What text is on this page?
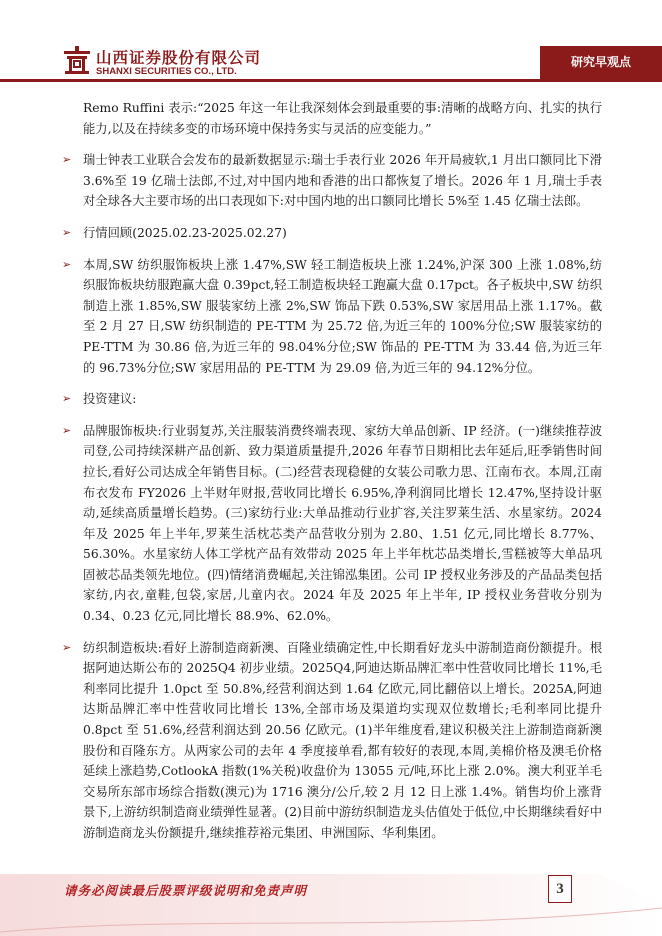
山西证券股份有限公司
SHANXI SECURITIES CO., LTD.
研究早观点
Remo Ruffini 表示:“2025 年这一年让我深刻体会到最重要的事:清晰的战略方向、扎实的执行能力,以及在持续多变的市场环境中保持务实与灵活的应变能力。”
➢ 瑞士钟表工业联合会发布的最新数据显示:瑞士手表行业 2026 年开局疲软,1 月出口额同比下滑 3.6%至 19 亿瑞士法郎,不过,对中国内地和香港的出口都恢复了增长。2026 年 1 月,瑞士手表对全球各大主要市场的出口表现如下:对中国内地的出口额同比增长 5%至 1.45 亿瑞士法郎。
➢ 行情回顾(2025.02.23-2025.02.27)
➢ 本周,SW 纺织服饰板块上涨 1.47%,SW 轻工制造板块上涨 1.24%,沪深 300 上涨 1.08%,纺织服饰板块纺服跑赢大盘 0.39pct,轻工制造板块轻工跑赢大盘 0.17pct。各子板块中,SW 纺织制造上涨 1.85%,SW 服装家纺上涨 2%,SW 饰品下跌 0.53%,SW 家居用品上涨 1.17%。截至 2 月 27 日,SW 纺织制造的 PE-TTM 为 25.72 倍,为近三年的 100%分位;SW 服装家纺的 PE-TTM 为 30.86 倍,为近三年的 98.04%分位;SW 饰品的 PE-TTM 为 33.44 倍,为近三年的 96.73%分位;SW 家居用品的 PE-TTM 为 29.09 倍,为近三年的 94.12%分位。
➢ 投资建议:
➢ 品牌服饰板块:行业弱复苏,关注服装消费终端表现、家纺大单品创新、IP 经济。(一)继续推荐波司登,公司持续深耕产品创新、致力渠道质量提升,2026 年春节日期相比去年延后,旺季销售时间拉长,看好公司达成全年销售目标。(二)经营表现稳健的女装公司歌力思、江南布衣。本周,江南布衣发布 FY2026 上半财年财报,营收同比增长 6.95%,净利润同比增长 12.47%,坚持设计驱动,延续高质量增长趋势。(三)家纺行业:大单品推动行业扩容,关注罗莱生活、水星家纺。2024 年及 2025 年上半年,罗莱生活枕芯类产品营收分别为 2.80、1.51 亿元,同比增长 8.77%、56.30%。水星家纺人体工学枕产品有效带动 2025 年上半年枕芯品类增长,雪糕被等大单品巩固被芯品类领先地位。(四)情绪消费崛起,关注锦泓集团。公司 IP 授权业务涉及的产品品类包括家纺,内衣,童鞋,包袋,家居,儿童内衣。2024 年及 2025 年上半年, IP 授权业务营收分别为 0.34、0.23 亿元,同比增长 88.9%、62.0%。
➢ 纺织制造板块:看好上游制造商新澳、百隆业绩确定性,中长期看好龙头中游制造商份额提升。根据阿迪达斯公布的 2025Q4 初步业绩。2025Q4,阿迪达斯品牌汇率中性营收同比增长 11%,毛利率同比提升 1.0pct 至 50.8%,经营利润达到 1.64 亿欧元,同比翻倍以上增长。2025A,阿迪达斯品牌汇率中性营收同比增长 13%,全部市场及渠道均实现双位数增长;毛利率同比提升 0.8pct 至 51.6%,经营利润达到 20.56 亿欧元。(1)半年维度看,建议积极关注上游制造商新澳股份和百隆东方。从两家公司的去年 4 季度接单看,都有较好的表现,本周,美棉价格及澳毛价格延续上涨趋势,CotlookA 指数(1%关税)收盘价为 13055 元/吨,环比上涨 2.0%。澳大利亚羊毛交易所东部市场综合指数(澳元)为 1716 澳分/公斤,较 2 月 12 日上涨 1.4%。销售均价上涨背景下,上游纺织制造商业绩弹性显著。(2)目前中游纺织制造龙头估值处于低位,中长期继续看好中游制造商龙头份额提升,继续推荐裕元集团、申洲国际、华利集团。
请务必阅读最后股票评级说明和免责声明	3
